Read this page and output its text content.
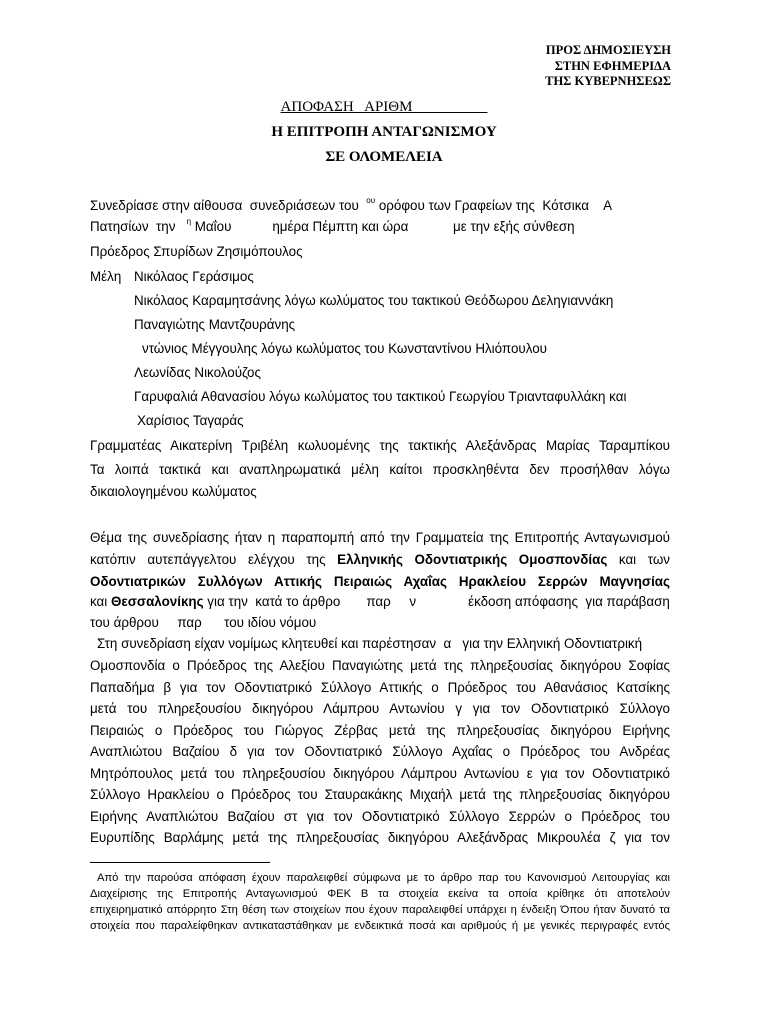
ΠΡΟΣ ΔΗΜΟΣΙΕΥΣΗ
ΣΤΗΝ ΕΦΗΜΕΡΙΔΑ
ΤΗΣ ΚΥΒΕΡΝΗΣΕΩΣ
ΑΠΟΦΑΣΗ   ΑΡΙΘΜ
Η ΕΠΙΤΡΟΠΗ ΑΝΤΑΓΩΝΙΣΜΟΥ
ΣΕ ΟΛΟΜΕΛΕΙΑ
Συνεδρίασε στην αίθουσα  συνεδριάσεων του $^{o\upsilon}$ ορόφου των Γραφείων της  Κότσικα    Α
Πατησίων  την $^\eta$ Μαΐου           ημέρα Πέμπτη και ώρα            με την εξής σύνθεση
Πρόεδρος Σπυρίδων Ζησιμόπουλος
Μέλη Νικόλαος Γεράσιμος
Νικόλαος Καραμητσάνης λόγω κωλύματος του τακτικού Θεόδωρου Δεληγιαννάκη
Παναγιώτης Μαντζουράνης
ντώνιος Μέγγουλης λόγω κωλύματος του Κωνσταντίνου Ηλιόπουλου
Λεωνίδας Νικολούζος
Γαρυφαλιά Αθανασίου λόγω κωλύματος του τακτικού Γεωργίου Τριανταφυλλάκη και
Χαρίσιος Ταγαράς
Γραμματέας Αικατερίνη Τριβέλη κωλυομένης της τακτικής Αλεξάνδρας Μαρίας Ταραμπίκου
Τα λοιπά τακτικά και αναπληρωματικά μέλη καίτοι προσκληθέντα δεν προσήλθαν λόγω
δικαιολογημένου κωλύματος
Θέμα της συνεδρίασης ήταν η παραπομπή από την Γραμματεία της Επιτροπής Ανταγωνισμού
κατόπιν αυτεπάγγελτου ελέγχου της Ελληνικής Οδοντιατρικής Ομοσπονδίας και των
Οδοντιατρικών Συλλόγων Αττικής Πειραιώς Αχαΐας Ηρακλείου Σερρών Μαγνησίας
και Θεσσαλονίκης για την  κατά το άρθρο       παρ     ν              έκδοση απόφασης  για παράβαση
του άρθρου     παρ      του ιδίου νόμου
Στη συνεδρίαση είχαν νομίμως κλητευθεί και παρέστησαν  α   για την Ελληνική Οδοντιατρική
Ομοσπονδία ο Πρόεδρος της Αλεξίου Παναγιώτης μετά της πληρεξουσίας δικηγόρου Σοφίας
Παπαδήμα β για τον Οδοντιατρικό Σύλλογο Αττικής ο Πρόεδρος του Αθανάσιος Κατσίκης
μετά του πληρεξουσίου δικηγόρου Λάμπρου Αντωνίου γ για τον Οδοντιατρικό Σύλλογο
Πειραιώς ο Πρόεδρος του Γιώργος Ζέρβας μετά της πληρεξουσίας δικηγόρου Ειρήνης
Αναπλιώτου Βαζαίου δ για τον Οδοντιατρικό Σύλλογο Αχαΐας ο Πρόεδρος του Ανδρέας
Μητρόπουλος μετά του πληρεξουσίου δικηγόρου Λάμπρου Αντωνίου ε για τον Οδοντιατρικό
Σύλλογο Ηρακλείου ο Πρόεδρος του Σταυρακάκης Μιχαήλ μετά της πληρεξουσίας δικηγόρου
Ειρήνης Αναπλιώτου Βαζαίου στ για τον Οδοντιατρικό Σύλλογο Σερρών ο Πρόεδρος του
Ευρυπίδης Βαρλάμης μετά της πληρεξουσίας δικηγόρου Αλεξάνδρας Μικρουλέα ζ για τον
Από την παρούσα απόφαση έχουν παραλειφθεί σύμφωνα με το άρθρο παρ του Κανονισμού Λειτουργίας και
Διαχείρισης της Επιτροπής Ανταγωνισμού ΦΕΚ Β τα στοιχεία εκείνα τα οποία κρίθηκε ότι αποτελούν
επιχειρηματικό απόρρητο Στη θέση των στοιχείων που έχουν παραλειφθεί υπάρχει η ένδειξη Όπου ήταν δυνατό τα
στοιχεία που παραλείφθηκαν αντικαταστάθηκαν με ενδεικτικά ποσά και αριθμούς ή με γενικές περιγραφές εντός
